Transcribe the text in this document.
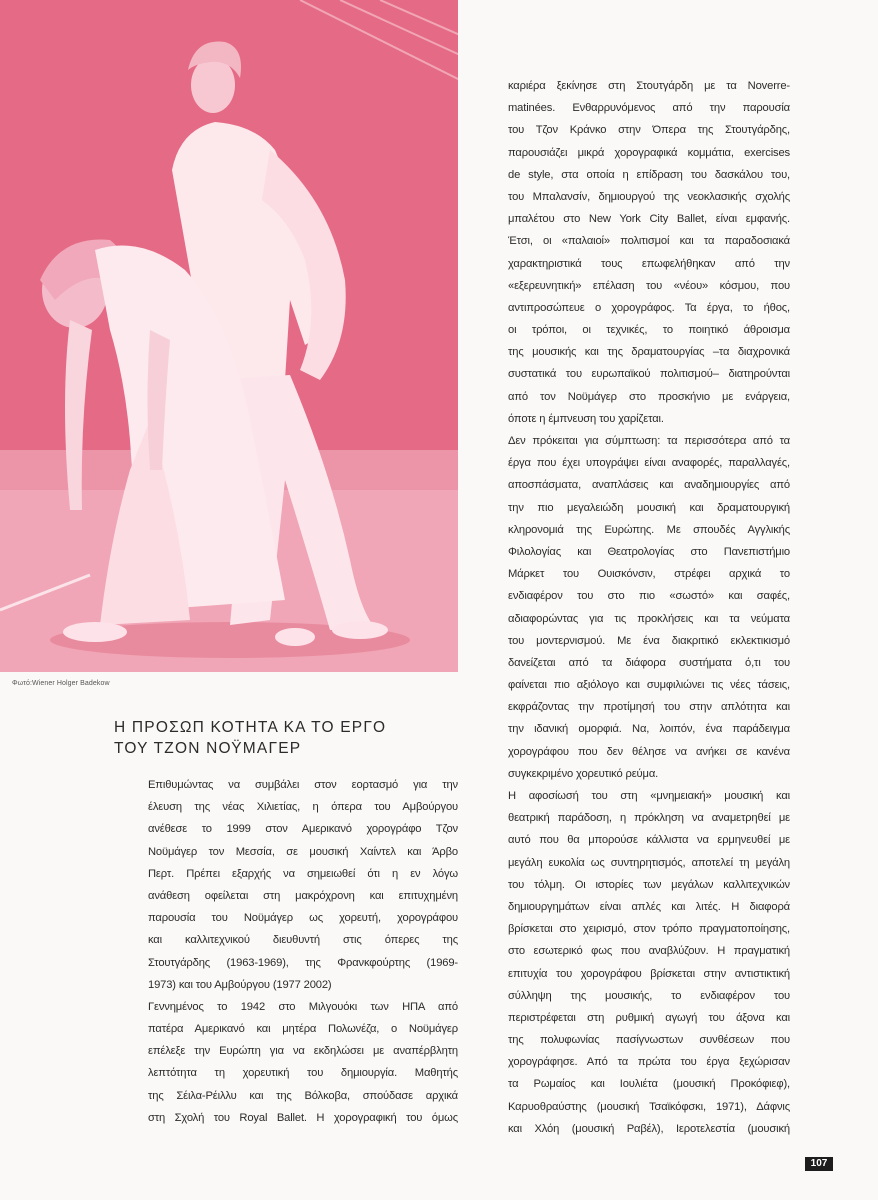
Φωτό:Wiener Holger Badekow
Η ΠΡΟΣΩΠ ΚΟΤΗΤΑ ΚΑ ΤΟ ΕΡΓΟ
ΤΟΥ ΤΖΟΝ ΝΟΫΜΑΓΕΡ
Επιθυμώντας να συμβάλει στον εορτασμό για την
έλευση της νέας Χιλιετίας, η όπερα του Αμβούργου
ανέθεσε το 1999 στον Αμερικανό χορογράφο Τζον
Νοϋμάγερ τον Μεσσία, σε μουσική Χαίντελ και Άρβο
Περτ. Πρέπει εξαρχής να σημειωθεί ότι η εν λόγω
ανάθεση οφείλεται στη μακρόχρονη και επιτυχημένη
παρουσία του Νοϋμάγερ ως χορευτή, χορογράφου
και καλλιτεχνικού διευθυντή στις όπερες της
Στουτγάρδης (1963-1969), της Φρανκφούρτης (1969-
1973) και του Αμβούργου (1977 2002)
Γεννημένος το 1942 στο Μιλγουόκι των ΗΠΑ από
πατέρα Αμερικανό και μητέρα Πολωνέζα, ο Νοϋμάγερ
επέλεξε την Ευρώπη για να εκδηλώσει με αναπέρβλητη
λεπτότητα τη χορευτική του δημιουργία. Μαθητής
της Σέιλα-Ρέιλλυ και της Βόλκοβα, σπούδασε αρχικά
στη Σχολή του Royal Ballet. Η χορογραφική του όμως
καριέρα ξεκίνησε στη Στουτγάρδη με τα Noverre-
matinées. Ενθαρρυνόμενος από την παρουσία
του Τζον Κράνκο στην Όπερα της Στουτγάρδης,
παρουσιάζει μικρά χορογραφικά κομμάτια, exercises
de style, στα οποία η επίδραση του δασκάλου του,
του Μπαλανσίν, δημιουργού της νεοκλασικής σχολής
μπαλέτου στο New York City Ballet, είναι εμφανής.
Έτσι, οι «παλαιοί» πολιτισμοί και τα παραδοσιακά
χαρακτηριστικά τους επωφελήθηκαν από την
«εξερευνητική» επέλαση του «νέου» κόσμου, που
αντιπροσώπευε ο χορογράφος. Τα έργα, το ήθος,
οι τρόποι, οι τεχνικές, το ποιητικό άθροισμα
της μουσικής και της δραματουργίας –τα διαχρονικά
συστατικά του ευρωπαϊκού πολιτισμού– διατηρούνται
από τον Νοϋμάγερ στο προσκήνιο με ενάργεια,
όποτε η έμπνευση του χαρίζεται.
Δεν πρόκειται για σύμπτωση: τα περισσότερα από τα
έργα που έχει υπογράψει είναι αναφορές, παραλλαγές,
αποσπάσματα, αναπλάσεις και αναδημιουργίες από
την πιο μεγαλειώδη μουσική και δραματουργική
κληρονομιά της Ευρώπης. Με σπουδές Αγγλικής
Φιλολογίας και Θεατρολογίας στο Πανεπιστήμιο
Μάρκετ του Ουισκόνσιν, στρέφει αρχικά το
ενδιαφέρον του στο πιο «σωστό» και σαφές,
αδιαφορώντας για τις προκλήσεις και τα νεύματα
του μοντερνισμού. Με ένα διακριτικό εκλεκτικισμό
δανείζεται από τα διάφορα συστήματα ό,τι του
φαίνεται πιο αξιόλογο και συμφιλιώνει τις νέες τάσεις,
εκφράζοντας την προτίμησή του στην απλότητα και
την ιδανική ομορφιά. Να, λοιπόν, ένα παράδειγμα
χορογράφου που δεν θέλησε να ανήκει σε κανένα
συγκεκριμένο χορευτικό ρεύμα.
Η αφοσίωσή του στη «μνημειακή» μουσική και
θεατρική παράδοση, η πρόκληση να αναμετρηθεί με
αυτό που θα μπορούσε κάλλιστα να ερμηνευθεί με
μεγάλη ευκολία ως συντηρητισμός, αποτελεί τη μεγάλη
του τόλμη. Οι ιστορίες των μεγάλων καλλιτεχνικών
δημιουργημάτων είναι απλές και λιτές. Η διαφορά
βρίσκεται στο χειρισμό, στον τρόπο πραγματοποίησης,
στο εσωτερικό φως που αναβλύζουν. Η πραγματική
επιτυχία του χορογράφου βρίσκεται στην αντιστικτική
σύλληψη της μουσικής, το ενδιαφέρον του
περιστρέφεται στη ρυθμική αγωγή του άξονα και
της πολυφωνίας πασίγνωστων συνθέσεων που
χορογράφησε. Από τα πρώτα του έργα ξεχώρισαν
τα Ρωμαίος και Ιουλιέτα (μουσική Προκόφιεφ),
Καρυοθραύστης (μουσική Τσαϊκόφσκι, 1971), Δάφνις
και Χλόη (μουσική Ραβέλ), Ιεροτελεστία (μουσική
107
